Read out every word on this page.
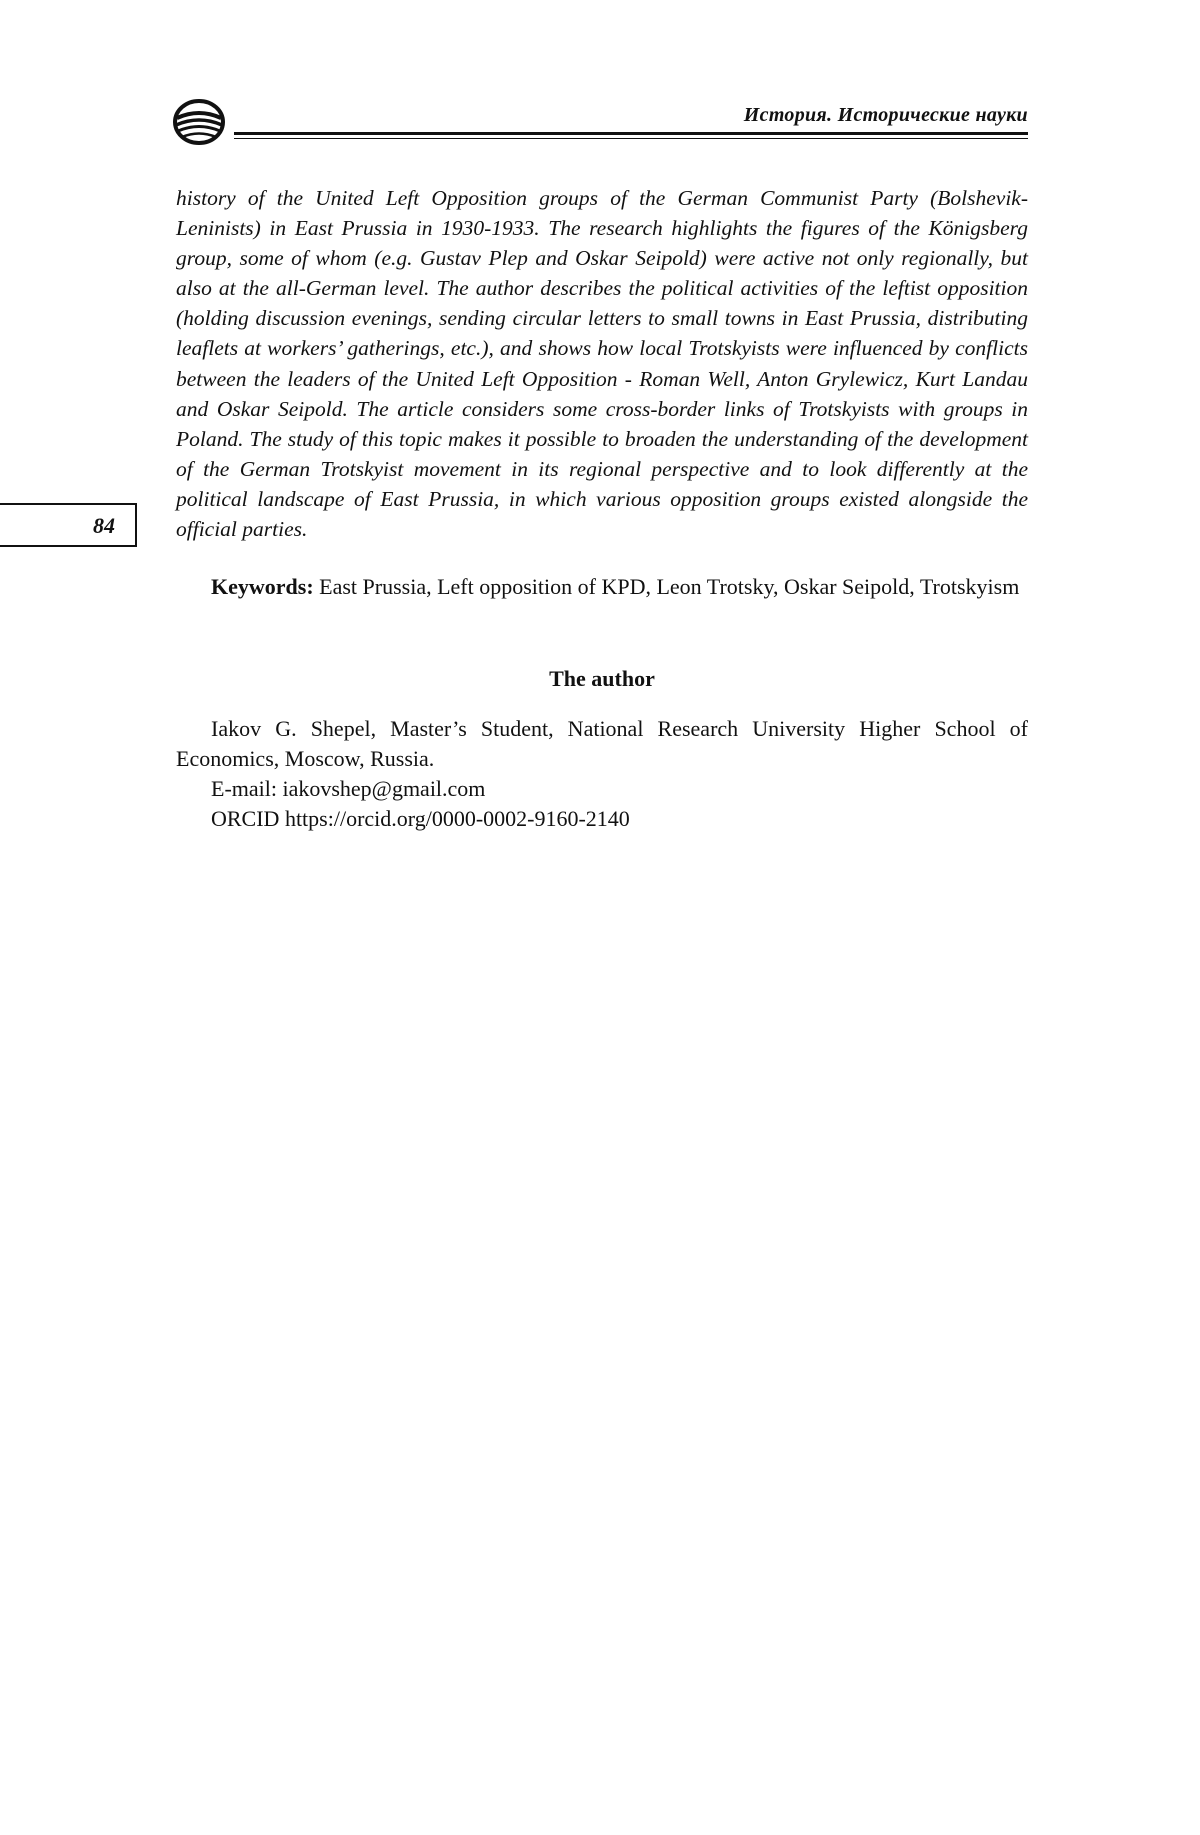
История. Исторические науки
84

history of the United Left Opposition groups of the German Communist Party (Bolshevik-Leninists) in East Prussia in 1930-1933. The research highlights the figures of the Königsberg group, some of whom (e.g. Gustav Plep and Oskar Seipold) were active not only regionally, but also at the all-German level. The author describes the political activities of the leftist opposition (holding discussion evenings, sending circular letters to small towns in East Prussia, distributing leaflets at workers’ gatherings, etc.), and shows how local Trotskyists were influenced by conflicts between the leaders of the United Left Opposition - Roman Well, Anton Grylewicz, Kurt Landau and Oskar Seipold. The article considers some cross-border links of Trotskyists with groups in Poland. The study of this topic makes it possible to broaden the understanding of the development of the German Trotskyist movement in its regional perspective and to look differently at the political landscape of East Prussia, in which various opposition groups existed alongside the official parties.

Keywords: East Prussia, Left opposition of KPD, Leon Trotsky, Oskar Seipold, Trotskyism

The author

Iakov G. Shepel, Master’s Student, National Research University Higher School of Economics, Moscow, Russia.

E-mail: iakovshep@gmail.com

ORCID https://orcid.org/0000-0002-9160-2140
